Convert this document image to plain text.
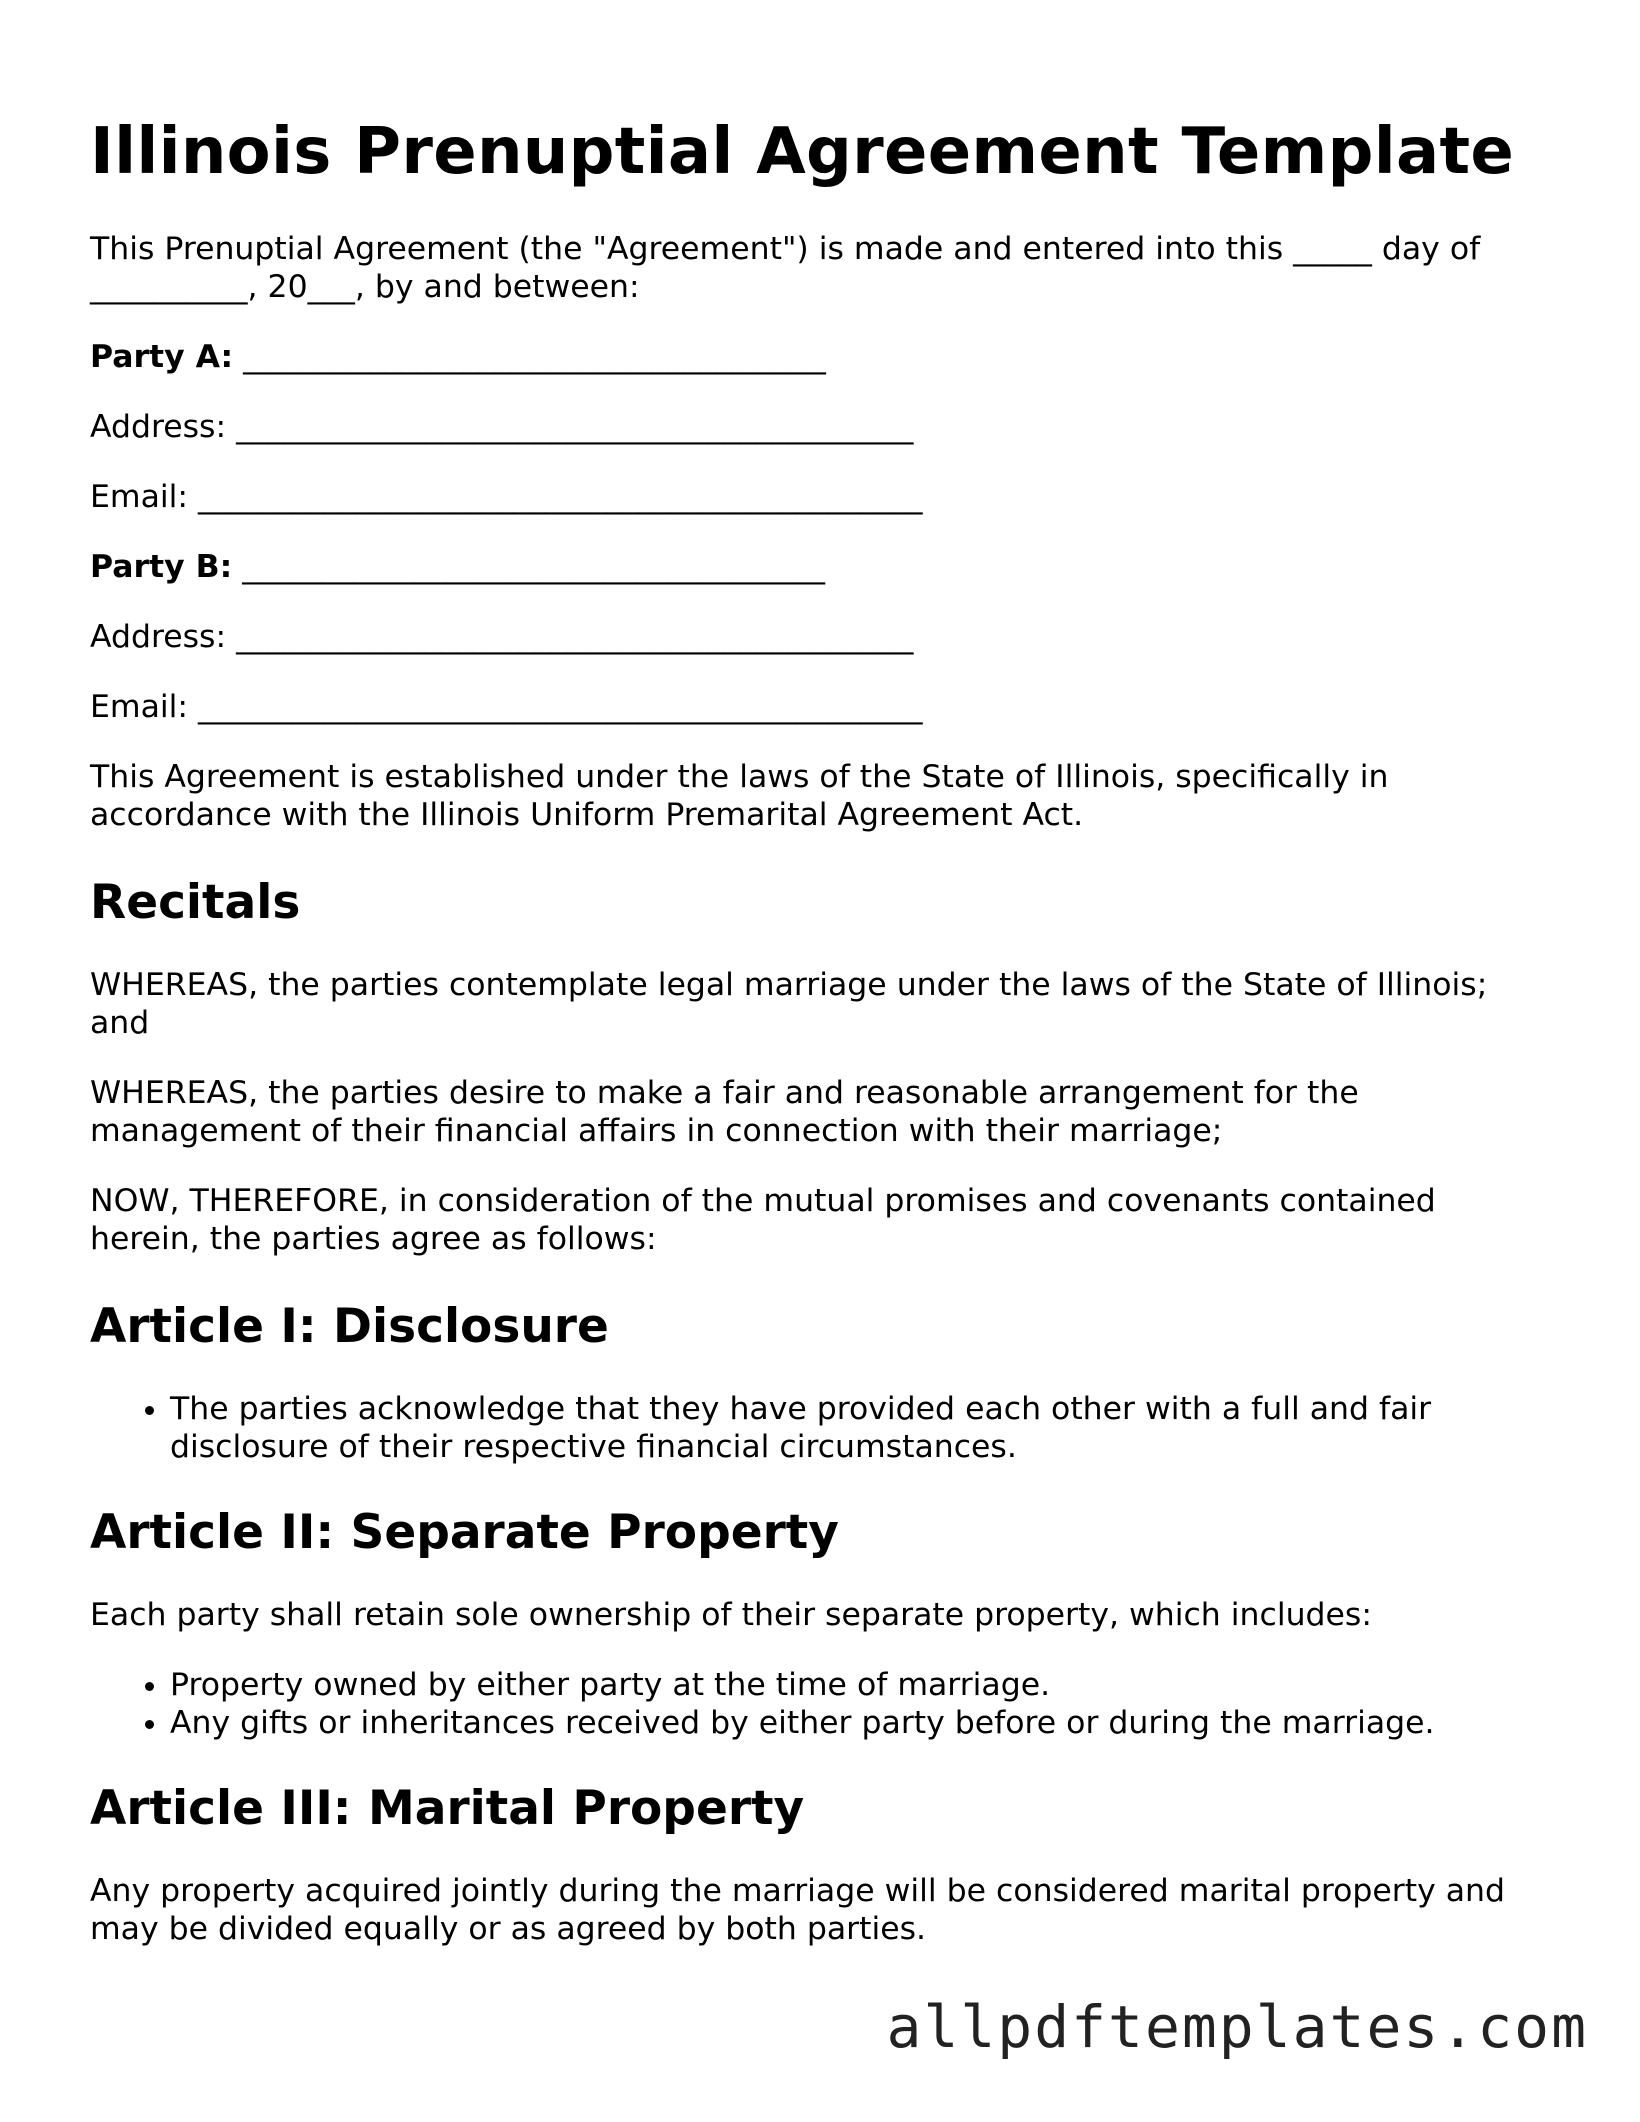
Illinois Prenuptial Agreement Template

This Prenuptial Agreement (the "Agreement") is made and entered into this _____ day of __________, 20___, by and between:

Party A: _____________________________________

Address: ___________________________________________

Email: ______________________________________________

Party B: _____________________________________

Address: ___________________________________________

Email: ______________________________________________

This Agreement is established under the laws of the State of Illinois, specifically in accordance with the Illinois Uniform Premarital Agreement Act.

Recitals

WHEREAS, the parties contemplate legal marriage under the laws of the State of Illinois; and

WHEREAS, the parties desire to make a fair and reasonable arrangement for the management of their financial affairs in connection with their marriage;

NOW, THEREFORE, in consideration of the mutual promises and covenants contained herein, the parties agree as follows:

Article I: Disclosure
• The parties acknowledge that they have provided each other with a full and fair disclosure of their respective financial circumstances.
Article II: Separate Property

Each party shall retain sole ownership of their separate property, which includes:

• Property owned by either party at the time of marriage.
• Any gifts or inheritances received by either party before or during the marriage.
Article III: Marital Property

Any property acquired jointly during the marriage will be considered marital property and may be divided equally or as agreed by both parties.

allpdftemplates.com
